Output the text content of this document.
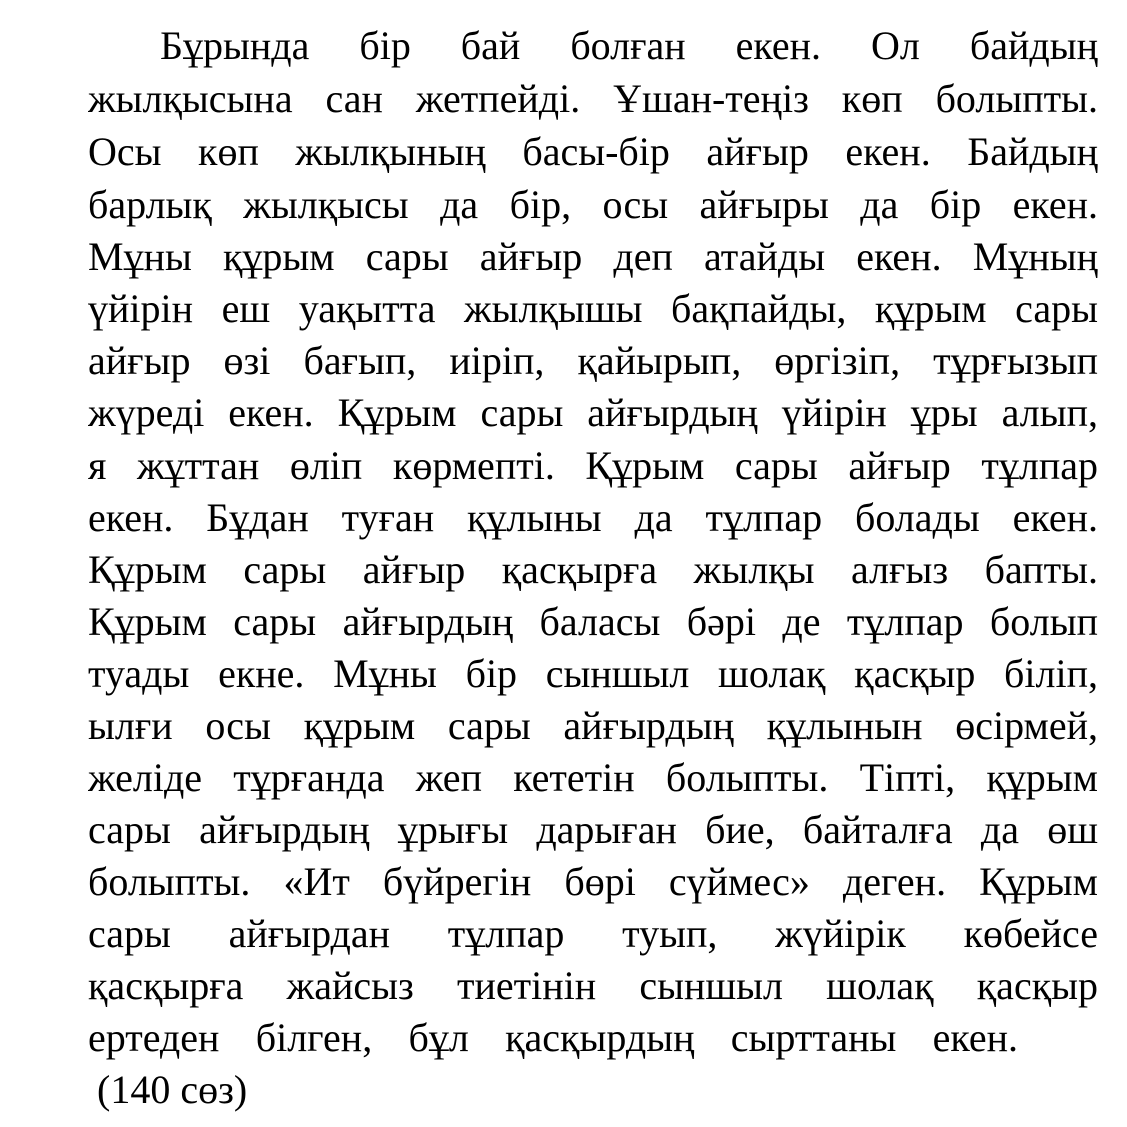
Бұрында бір бай болған екен. Ол байдың
жылқысына сан жетпейді. Ұшан-теңіз көп болыпты.
Осы көп жылқының басы-бір айғыр екен. Байдың
барлық жылқысы да бір, осы айғыры да бір екен.
Мұны құрым сары айғыр деп атайды екен. Мұның
үйірін еш уақытта жылқышы бақпайды, құрым сары
айғыр өзі бағып, иіріп, қайырып, өргізіп, тұрғызып
жүреді екен. Құрым сары айғырдың үйірін ұры алып,
я жұттан өліп көрмепті. Құрым сары айғыр тұлпар
екен. Бұдан туған құлыны да тұлпар болады екен.
Құрым сары айғыр қасқырға жылқы алғыз бапты.
Құрым сары айғырдың баласы бәрі де тұлпар болып
туады екне. Мұны бір сыншыл шолақ қасқыр біліп,
ылғи осы құрым сары айғырдың құлынын өсірмей,
желіде тұрғанда жеп кететін болыпты. Тіпті, құрым
сары айғырдың ұрығы дарыған бие, байталға да өш
болыпты. «Ит бүйрегін бөрі сүймес» деген. Құрым
сары айғырдан тұлпар туып, жүйірік көбейсе
қасқырға жайсыз тиетінін сыншыл шолақ қасқыр
ертеден білген, бұл қасқырдың сырттаны екен.
(140 сөз)
